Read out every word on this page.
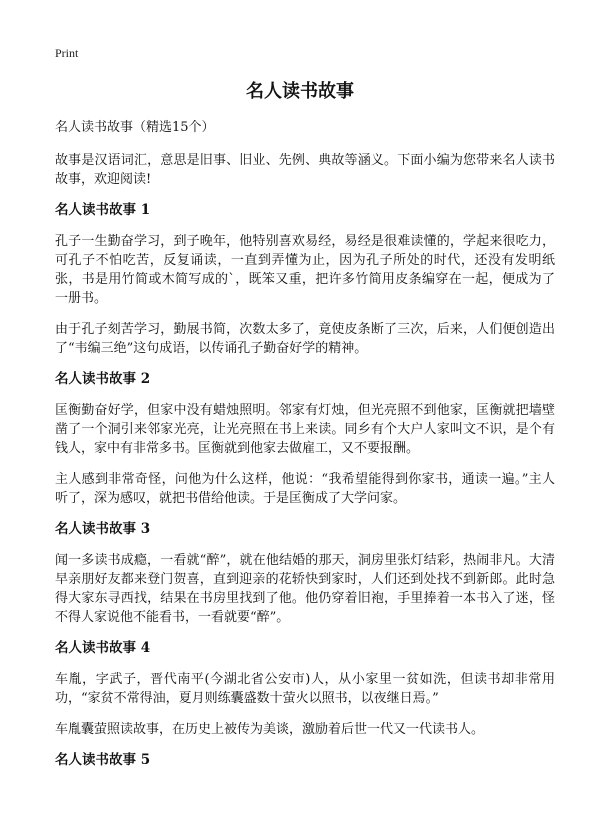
Print
名人读书故事

名人读书故事（精选15个）

故事是汉语词汇，意思是旧事、旧业、先例、典故等涵义。下面小编为您带来名人读书故事，欢迎阅读!

名人读书故事 1

孔子一生勤奋学习，到子晚年，他特别喜欢易经，易经是很难读懂的，学起来很吃力，可孔子不怕吃苦，反复诵读，一直到弄懂为止，因为孔子所处的时代，还没有发明纸张，书是用竹简或木简写成的`，既笨又重，把许多竹简用皮条编穿在一起，便成为了一册书。

由于孔子刻苦学习，勤展书简，次数太多了，竟使皮条断了三次，后来，人们便创造出了“韦编三绝”这句成语，以传诵孔子勤奋好学的精神。

名人读书故事 2

匡衡勤奋好学，但家中没有蜡烛照明。邻家有灯烛，但光亮照不到他家，匡衡就把墙壁凿了一个洞引来邻家光亮，让光亮照在书上来读。同乡有个大户人家叫文不识，是个有钱人，家中有非常多书。匡衡就到他家去做雇工，又不要报酬。

主人感到非常奇怪，问他为什么这样，他说：“我希望能得到你家书，通读一遍。”主人听了，深为感叹，就把书借给他读。于是匡衡成了大学问家。

名人读书故事 3

闻一多读书成瘾，一看就“醉”，就在他结婚的那天，洞房里张灯结彩，热闹非凡。大清早亲朋好友都来登门贺喜，直到迎亲的花轿快到家时，人们还到处找不到新郎。此时急得大家东寻西找，结果在书房里找到了他。他仍穿着旧袍，手里捧着一本书入了迷，怪不得人家说他不能看书，一看就要“醉”。

名人读书故事 4

车胤，字武子，晋代南平(今湖北省公安市)人，从小家里一贫如洗，但读书却非常用功，“家贫不常得油，夏月则练囊盛数十萤火以照书，以夜继日焉。”

车胤囊萤照读故事，在历史上被传为美谈，激励着后世一代又一代读书人。

名人读书故事 5
